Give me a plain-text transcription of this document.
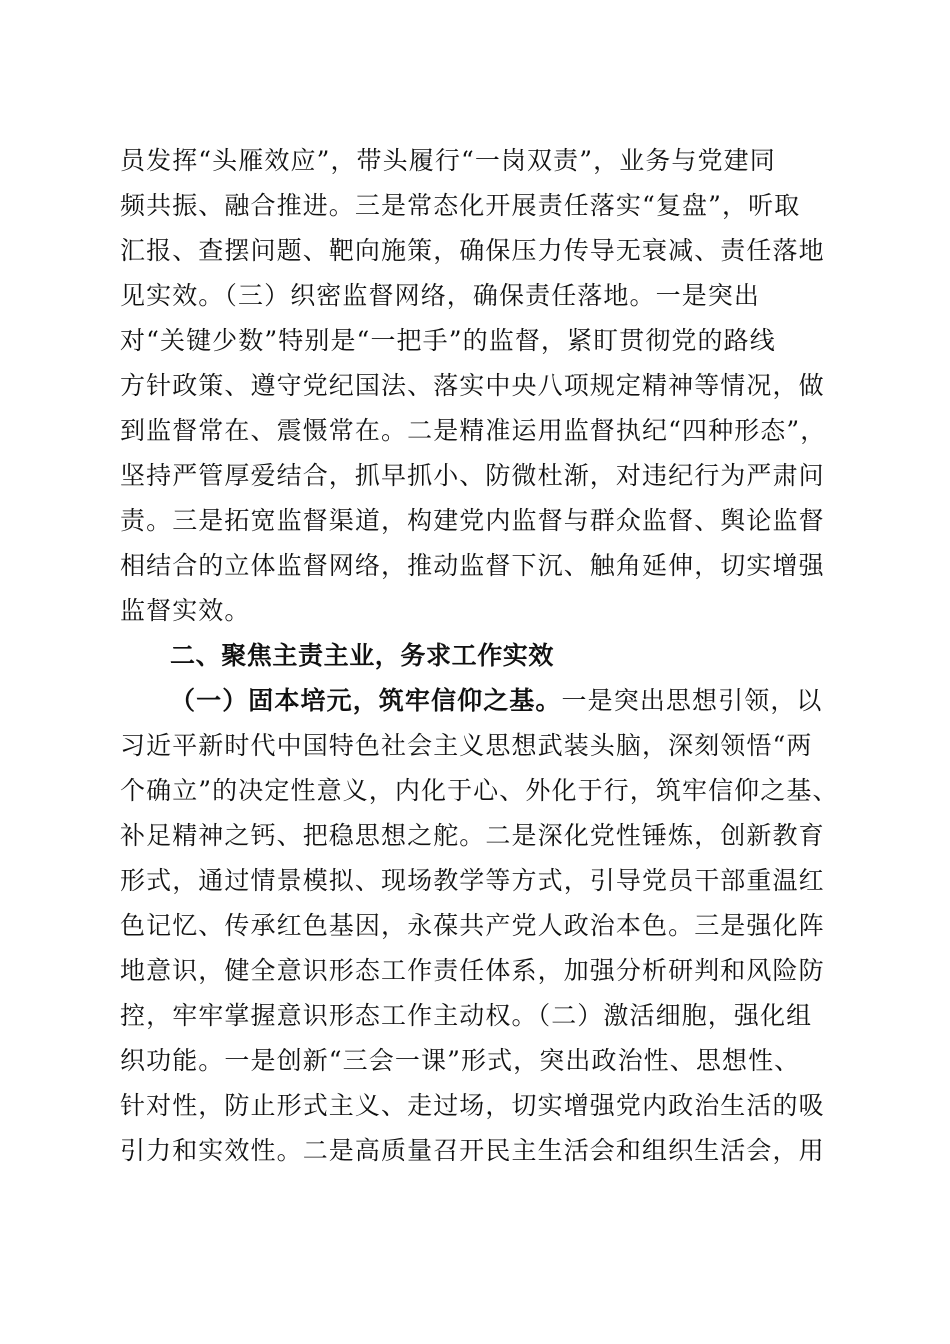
员发挥“头雁效应”，带头履行“一岗双责”，业务与党建同
频共振、融合推进。三是常态化开展责任落实“复盘”，听取
汇报、查摆问题、靶向施策，确保压力传导无衰减、责任落地
见实效。（三）织密监督网络，确保责任落地。一是突出
对“关键少数”特别是“一把手”的监督，紧盯贯彻党的路线
方针政策、遵守党纪国法、落实中央八项规定精神等情况，做
到监督常在、震慑常在。二是精准运用监督执纪“四种形态”，
坚持严管厚爱结合，抓早抓小、防微杜渐，对违纪行为严肃问
责。三是拓宽监督渠道，构建党内监督与群众监督、舆论监督
相结合的立体监督网络，推动监督下沉、触角延伸，切实增强
监督实效。
二、聚焦主责主业，务求工作实效
（一）固本培元，筑牢信仰之基。一是突出思想引领，以
习近平新时代中国特色社会主义思想武装头脑，深刻领悟“两
个确立”的决定性意义，内化于心、外化于行，筑牢信仰之基、
补足精神之钙、把稳思想之舵。二是深化党性锤炼，创新教育
形式，通过情景模拟、现场教学等方式，引导党员干部重温红
色记忆、传承红色基因，永葆共产党人政治本色。三是强化阵
地意识，健全意识形态工作责任体系，加强分析研判和风险防
控，牢牢掌握意识形态工作主动权。（二）激活细胞，强化组
织功能。一是创新“三会一课”形式，突出政治性、思想性、
针对性，防止形式主义、走过场，切实增强党内政治生活的吸
引力和实效性。二是高质量召开民主生活会和组织生活会，用
